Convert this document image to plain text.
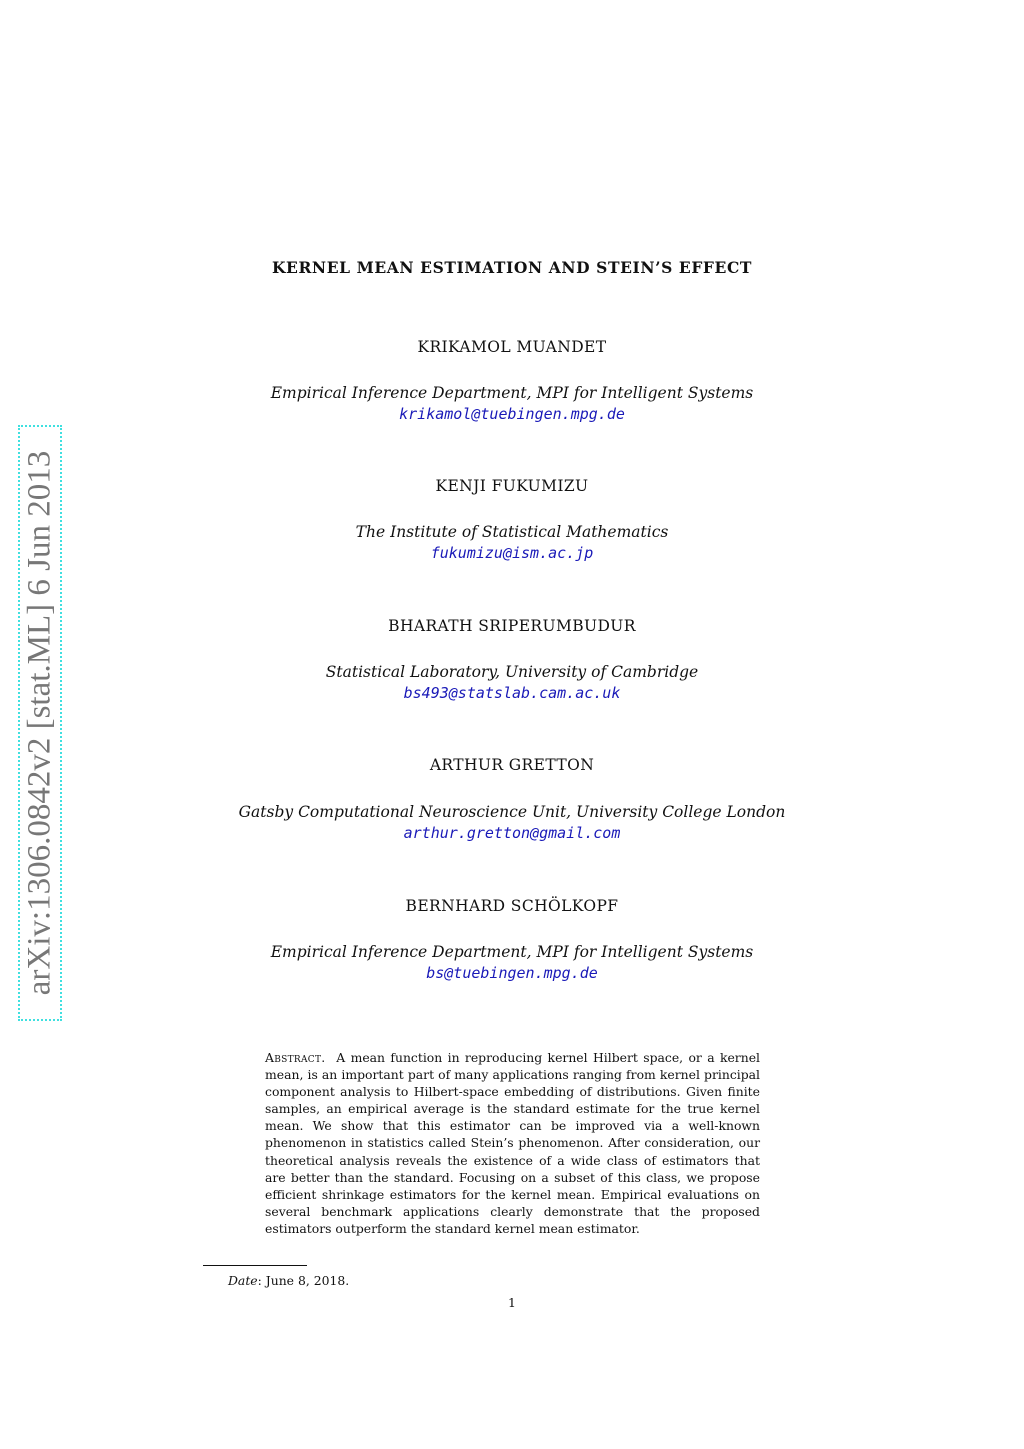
arXiv:1306.0842v2 [stat.ML] 6 Jun 2013
KERNEL MEAN ESTIMATION AND STEIN’S EFFECT
KRIKAMOL MUANDET
Empirical Inference Department, MPI for Intelligent Systems
krikamol@tuebingen.mpg.de
KENJI FUKUMIZU
The Institute of Statistical Mathematics
fukumizu@ism.ac.jp
BHARATH SRIPERUMBUDUR
Statistical Laboratory, University of Cambridge
bs493@statslab.cam.ac.uk
ARTHUR GRETTON
Gatsby Computational Neuroscience Unit, University College London
arthur.gretton@gmail.com
BERNHARD SCHÖLKOPF
Empirical Inference Department, MPI for Intelligent Systems
bs@tuebingen.mpg.de
Abstract. A mean function in reproducing kernel Hilbert space, or a kernel mean, is an important part of many applications ranging from kernel principal component analysis to Hilbert-space embedding of distributions. Given finite samples, an empirical average is the standard estimate for the true kernel mean. We show that this estimator can be improved via a well-known phenomenon in statistics called Stein’s phenomenon. After consideration, our theoretical analysis reveals the existence of a wide class of estimators that are better than the standard. Focusing on a subset of this class, we propose efficient shrinkage estimators for the kernel mean. Empirical evaluations on several benchmark applications clearly demonstrate that the proposed estimators outperform the standard kernel mean estimator.
Date: June 8, 2018.
1
